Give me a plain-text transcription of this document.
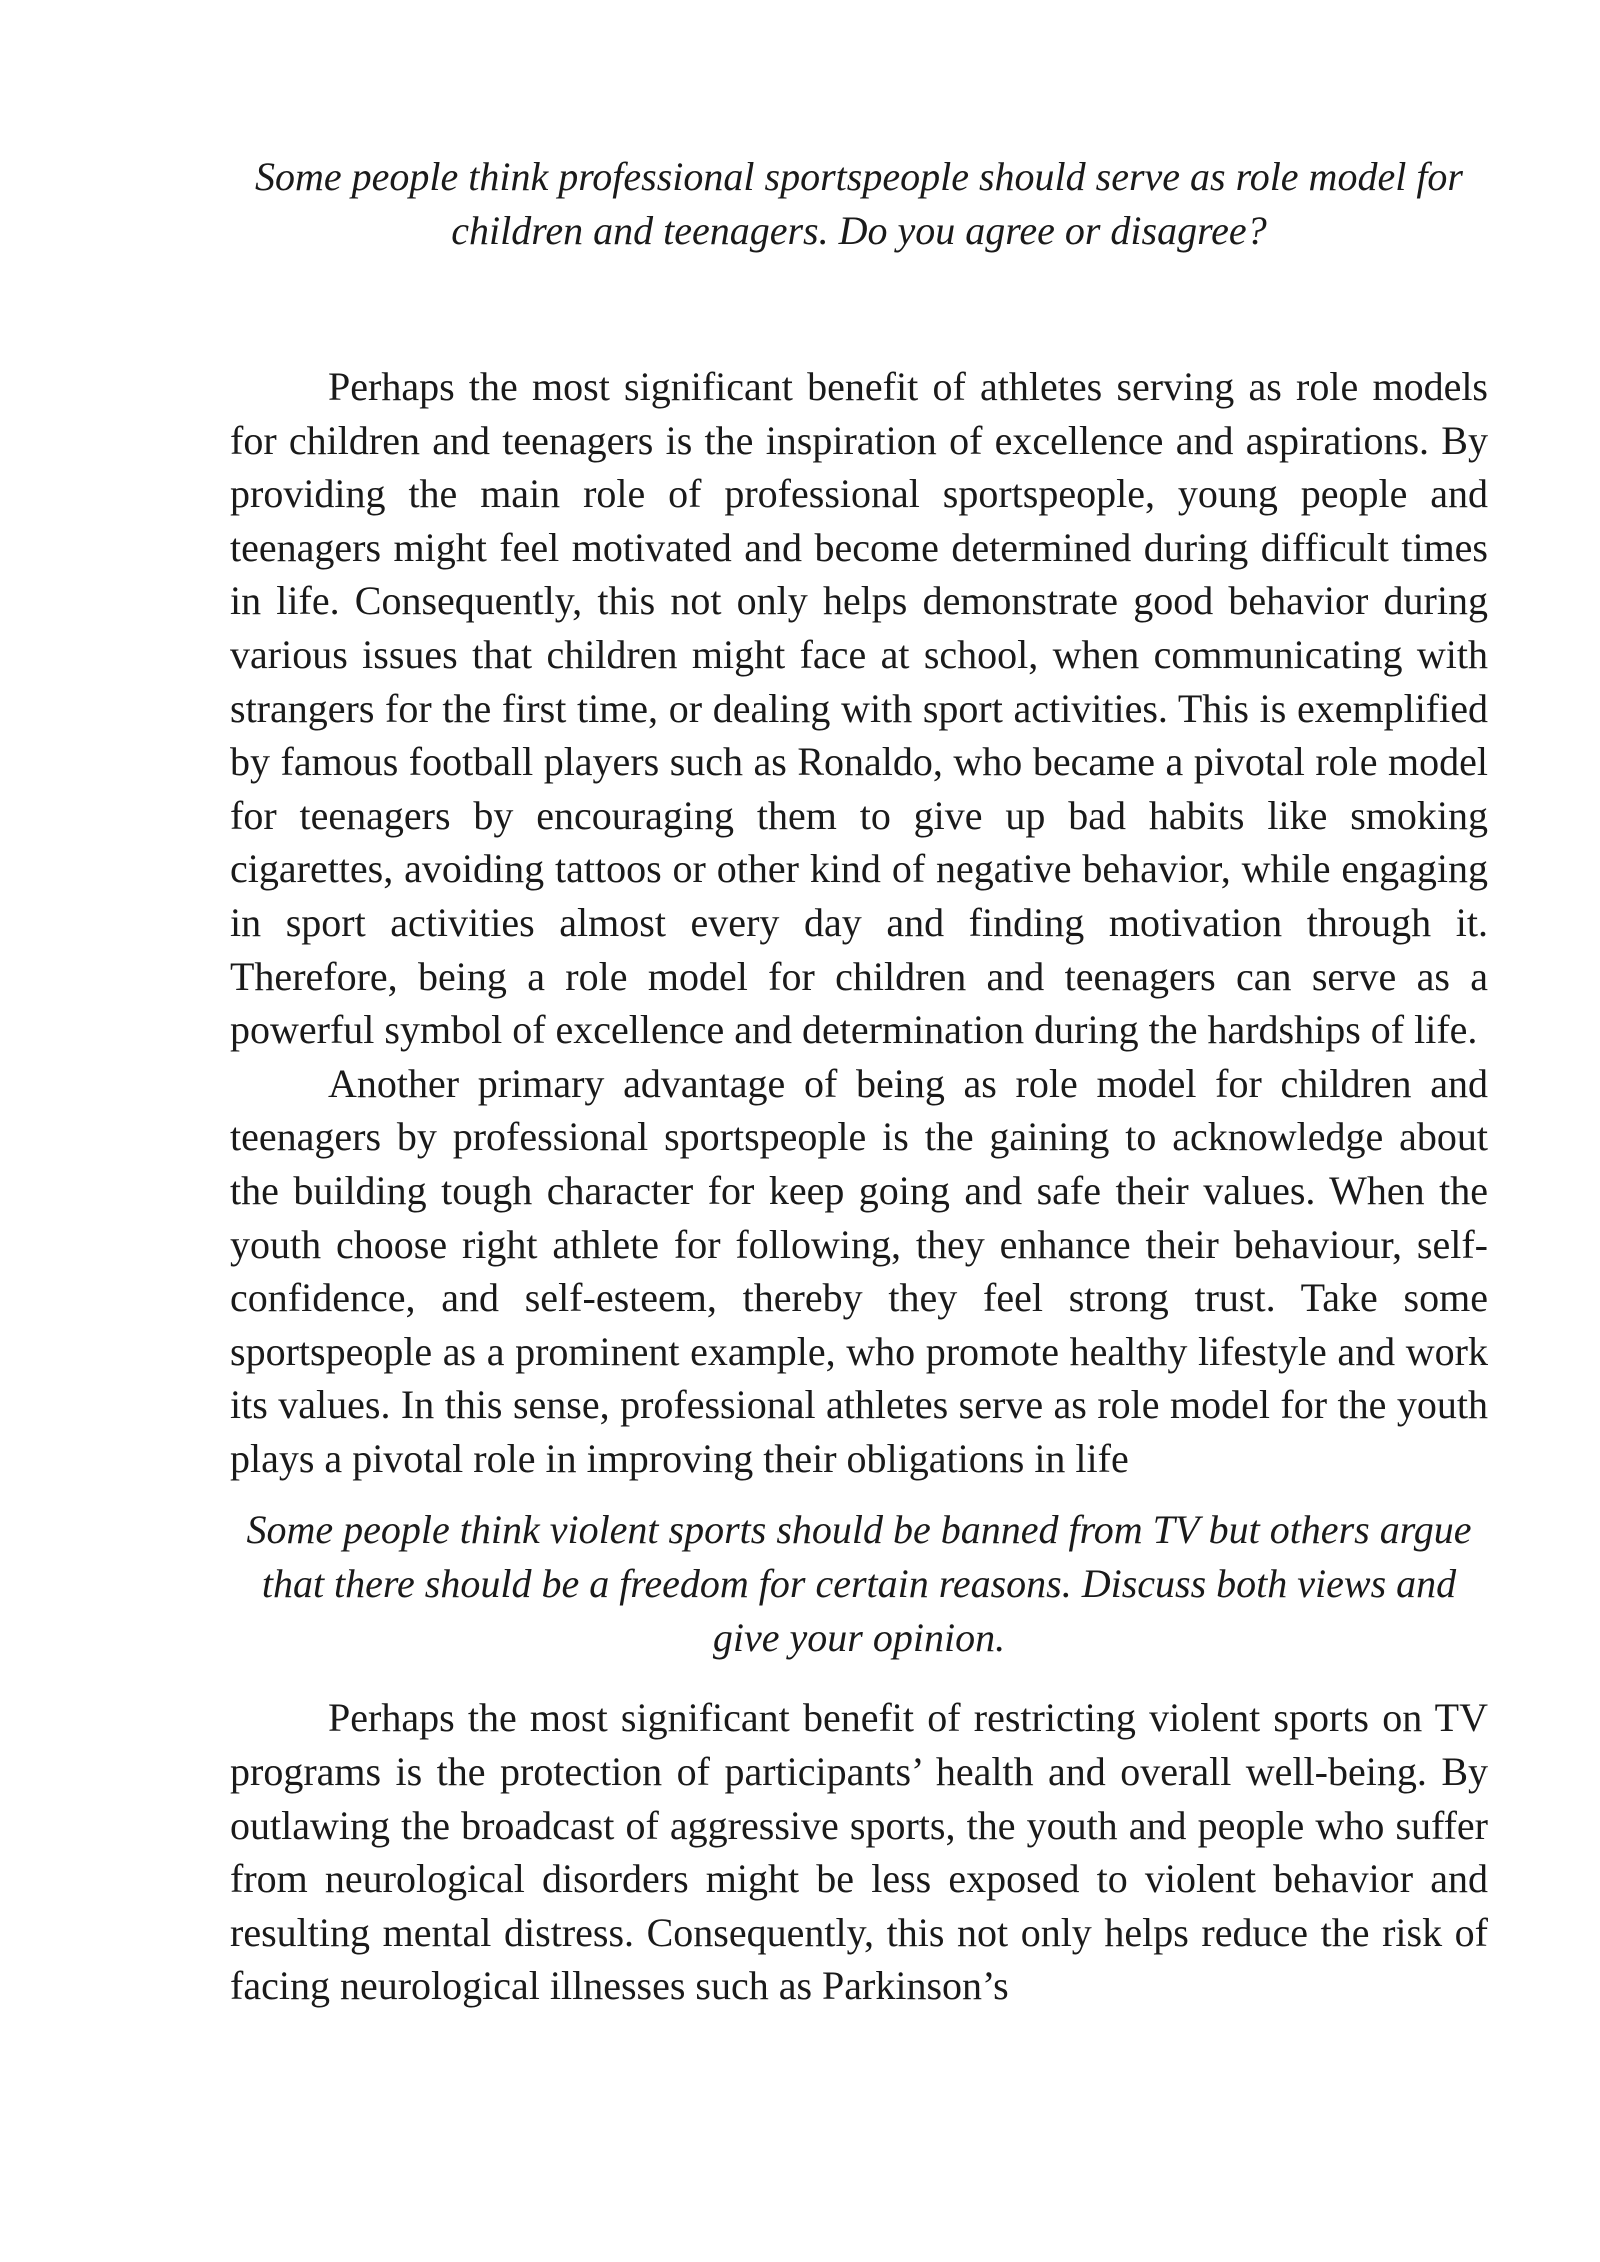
Some people think professional sportspeople should serve as role model for children and teenagers. Do you agree or disagree?

Perhaps the most significant benefit of athletes serving as role models for children and teenagers is the inspiration of excellence and aspirations. By providing the main role of professional sportspeople, young people and teenagers might feel motivated and become determined during difficult times in life. Consequently, this not only helps demonstrate good behavior during various issues that children might face at school, when communicating with strangers for the first time, or dealing with sport activities. This is exemplified by famous football players such as Ronaldo, who became a pivotal role model for teenagers by encouraging them to give up bad habits like smoking cigarettes, avoiding tattoos or other kind of negative behavior, while engaging in sport activities almost every day and finding motivation through it. Therefore, being a role model for children and teenagers can serve as a powerful symbol of excellence and determination during the hardships of life.

Another primary advantage of being as role model for children and teenagers by professional sportspeople is the gaining to acknowledge about the building tough character for keep going and safe their values. When the youth choose right athlete for following, they enhance their behaviour, self-confidence, and self-esteem, thereby they feel strong trust. Take some sportspeople as a prominent example, who promote healthy lifestyle and work its values. In this sense, professional athletes serve as role model for the youth plays a pivotal role in improving their obligations in life

Some people think violent sports should be banned from TV but others argue that there should be a freedom for certain reasons. Discuss both views and give your opinion.

Perhaps the most significant benefit of restricting violent sports on TV programs is the protection of participants’ health and overall well-being. By outlawing the broadcast of aggressive sports, the youth and people who suffer from neurological disorders might be less exposed to violent behavior and resulting mental distress. Consequently, this not only helps reduce the risk of facing neurological illnesses such as Parkinson’s
